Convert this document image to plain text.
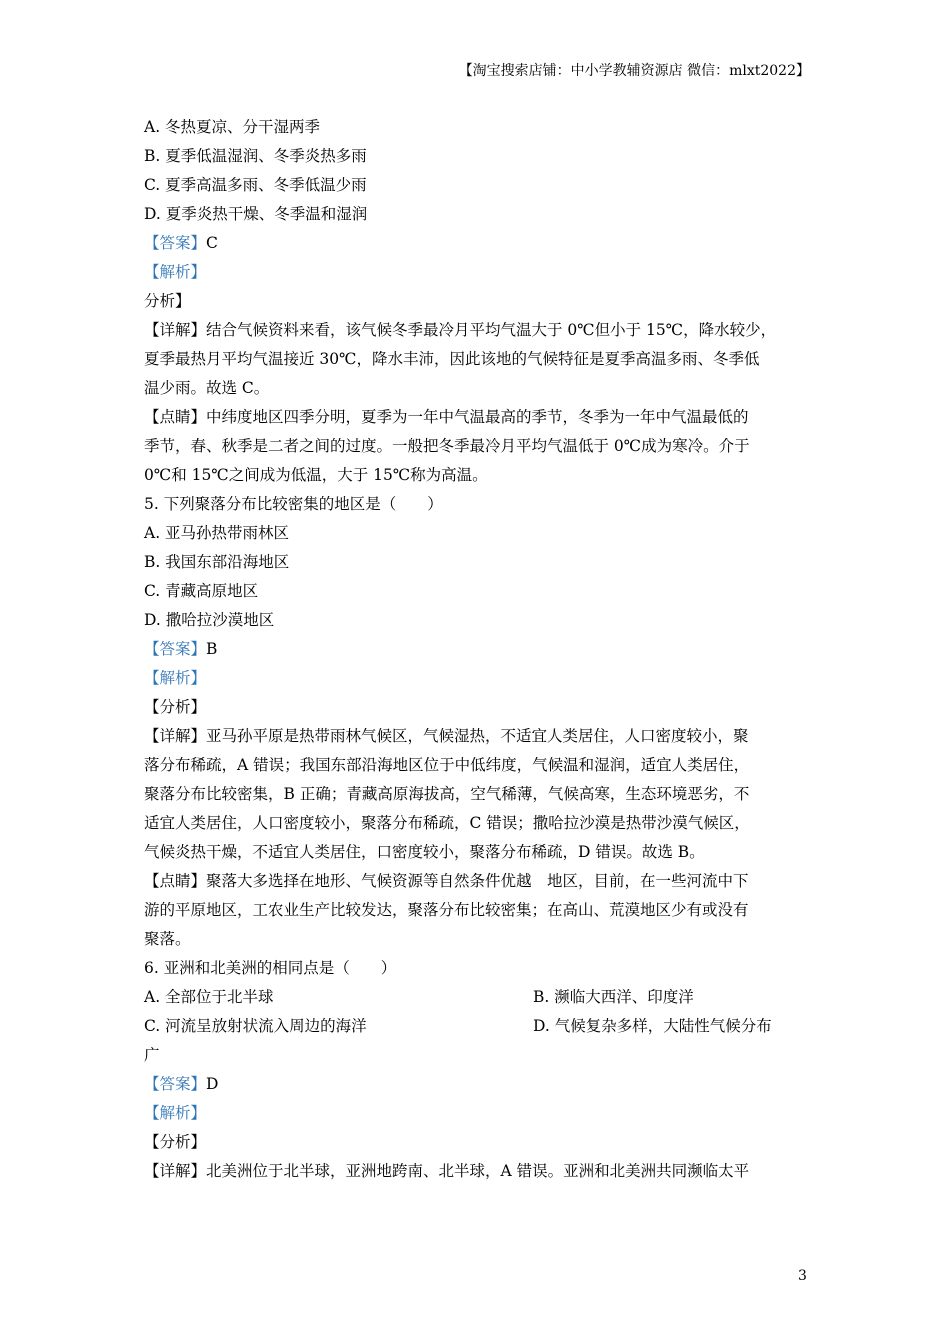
【淘宝搜索店铺：中小学教辅资源店 微信：mlxt2022】
A. 冬热夏凉、分干湿两季
B. 夏季低温湿润、冬季炎热多雨
C. 夏季高温多雨、冬季低温少雨
D. 夏季炎热干燥、冬季温和湿润
【答案】C
【解析】
分析】
【详解】结合气候资料来看，该气候冬季最冷月平均气温大于 0℃但小于 15℃，降水较少，
夏季最热月平均气温接近 30℃，降水丰沛，因此该地的气候特征是夏季高温多雨、冬季低
温少雨。故选 C。
【点睛】中纬度地区四季分明，夏季为一年中气温最高的季节，冬季为一年中气温最低的
季节，春、秋季是二者之间的过度。一般把冬季最冷月平均气温低于 0℃成为寒冷。介于
0℃和 15℃之间成为低温，大于 15℃称为高温。
5. 下列聚落分布比较密集的地区是（　　）
A. 亚马孙热带雨林区
B. 我国东部沿海地区
C. 青藏高原地区
D. 撒哈拉沙漠地区
【答案】B
【解析】
【分析】
【详解】亚马孙平原是热带雨林气候区，气候湿热，不适宜人类居住，人口密度较小，聚
落分布稀疏，A 错误；我国东部沿海地区位于中低纬度，气候温和湿润，适宜人类居住，
聚落分布比较密集，B 正确；青藏高原海拔高，空气稀薄，气候高寒，生态环境恶劣，不
适宜人类居住，人口密度较小，聚落分布稀疏，C 错误；撒哈拉沙漠是热带沙漠气候区，
气候炎热干燥，不适宜人类居住，口密度较小，聚落分布稀疏，D 错误。故选 B。
【点睛】聚落大多选择在地形、气候资源等自然条件优越　地区，目前，在一些河流中下
游的平原地区，工农业生产比较发达，聚落分布比较密集；在高山、荒漠地区少有或没有
聚落。
6. 亚洲和北美洲的相同点是（　　）
A. 全部位于北半球	B. 濒临大西洋、印度洋
C. 河流呈放射状流入周边的海洋	D. 气候复杂多样，大陆性气候分布
广
【答案】D
【解析】
【分析】
【详解】北美洲位于北半球，亚洲地跨南、北半球，A 错误。亚洲和北美洲共同濒临太平
3
